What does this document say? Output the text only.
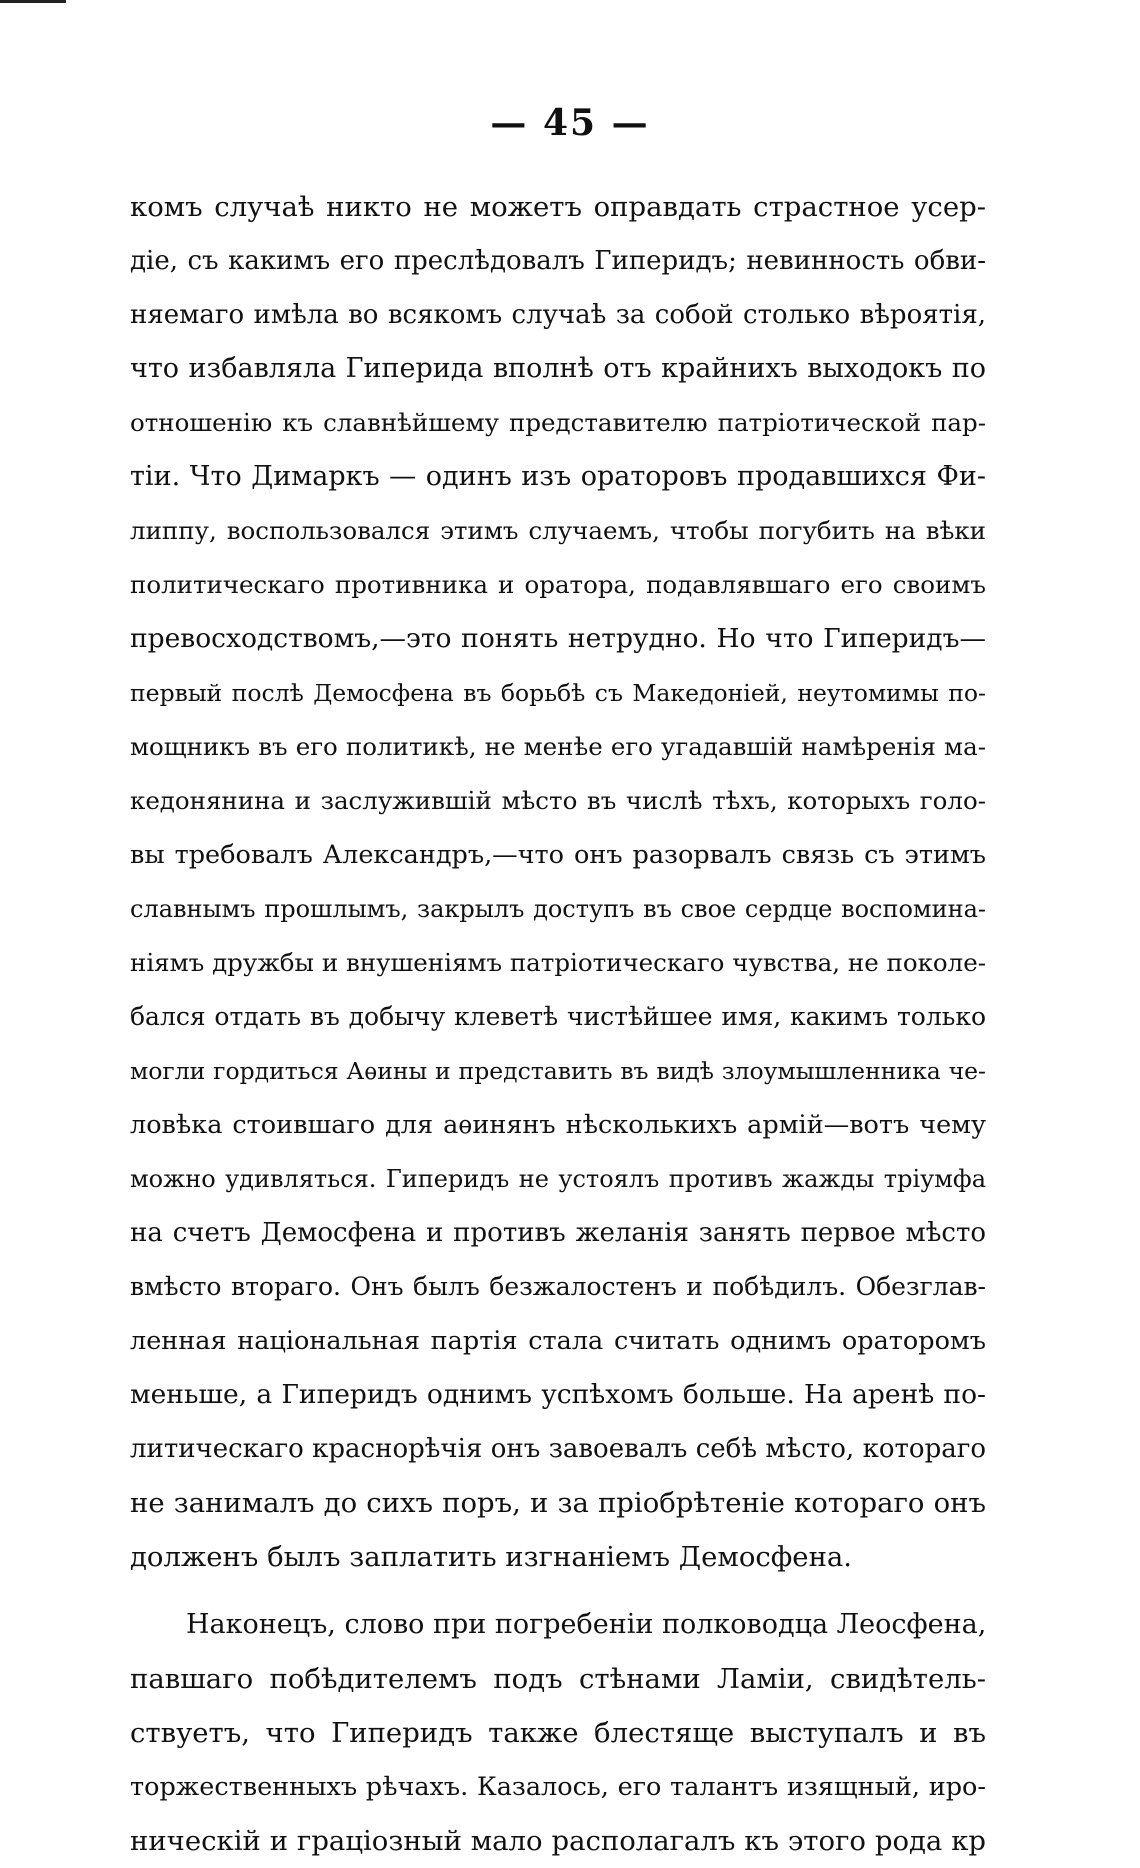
— 45 —
комъ случаѣ никто не можетъ оправдать страстное усер-
діе, съ какимъ его преслѣдовалъ Гиперидъ; невинность обви-
няемаго имѣла во всякомъ случаѣ за собой столько вѣроятія,
что избавляла Гиперида вполнѣ отъ крайнихъ выходокъ по
отношенію къ славнѣйшему представителю патріотической пар-
тіи. Что Димаркъ — одинъ изъ ораторовъ продавшихся Фи-
липпу, воспользовался этимъ случаемъ, чтобы погубить на вѣки
политическаго противника и оратора, подавлявшаго его своимъ
превосходствомъ,—это понять нетрудно. Но что Гиперидъ—
первый послѣ Демосфена въ борьбѣ съ Македоніей, неутомимы по-
мощникъ въ его политикѣ, не менѣе его угадавшій намѣренія ма-
кедонянина и заслужившій мѣсто въ числѣ тѣхъ, которыхъ голо-
вы требовалъ Александръ,—что онъ разорвалъ связь съ этимъ
славнымъ прошлымъ, закрылъ доступъ въ свое сердце воспомина-
ніямъ дружбы и внушеніямъ патріотическаго чувства, не поколе-
бался отдать въ добычу клеветѣ чистѣйшее имя, какимъ только
могли гордиться Аѳины и представить въ видѣ злоумышленника че-
ловѣка стоившаго для аѳинянъ нѣсколькихъ армій—вотъ чему
можно удивляться. Гиперидъ не устоялъ противъ жажды тріумфа
на счетъ Демосфена и противъ желанія занять первое мѣсто
вмѣсто втораго. Онъ былъ безжалостенъ и побѣдилъ. Обезглав-
ленная національная партія стала считать однимъ ораторомъ
меньше, а Гиперидъ однимъ успѣхомъ больше. На аренѣ по-
литическаго краснорѣчія онъ завоевалъ себѣ мѣсто, котораго
не занималъ до сихъ поръ, и за пріобрѣтеніе котораго онъ
долженъ былъ заплатить изгнаніемъ Демосфена.
Наконецъ, слово при погребеніи полководца Леосфена,
павшаго побѣдителемъ подъ стѣнами Ламіи, свидѣтель-
ствуетъ, что Гиперидъ также блестяще выступалъ и въ
торжественныхъ рѣчахъ. Казалось, его талантъ изящный, иро-
ническій и граціозный мало располагалъ къ этого рода кр
